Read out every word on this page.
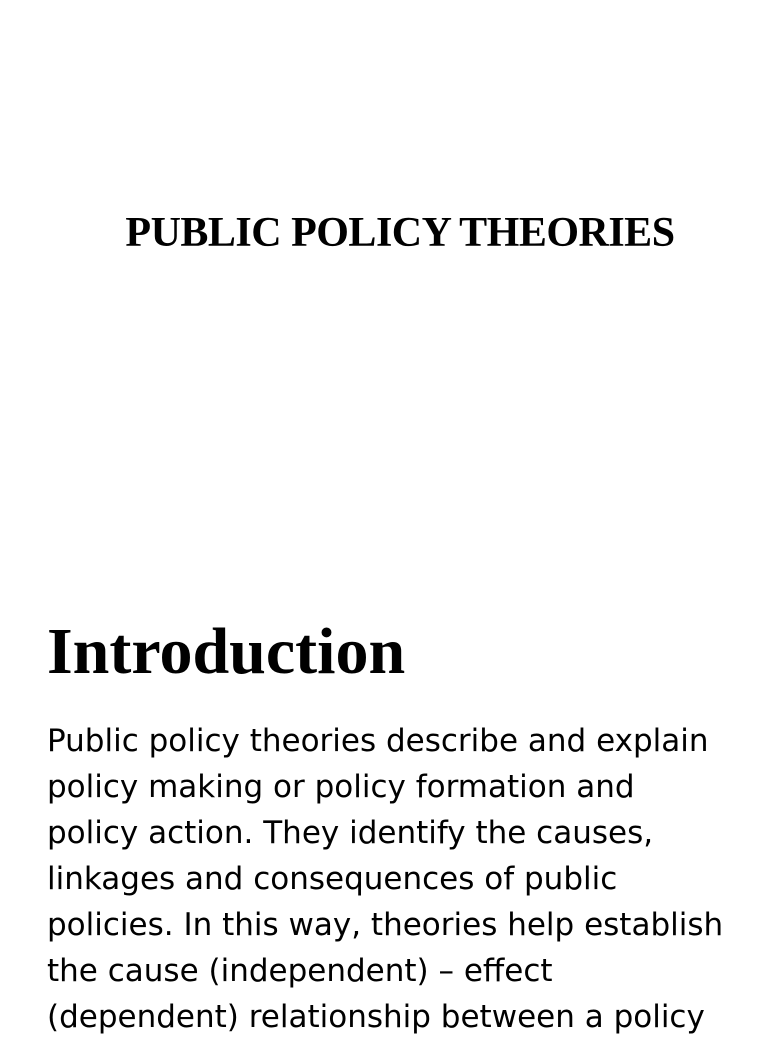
PUBLIC POLICY THEORIES
Introduction

Public policy theories describe and explain
policy making or policy formation and
policy action. They identify the causes,
linkages and consequences of public
policies. In this way, theories help establish
the cause (independent) – effect
(dependent) relationship between a policy
